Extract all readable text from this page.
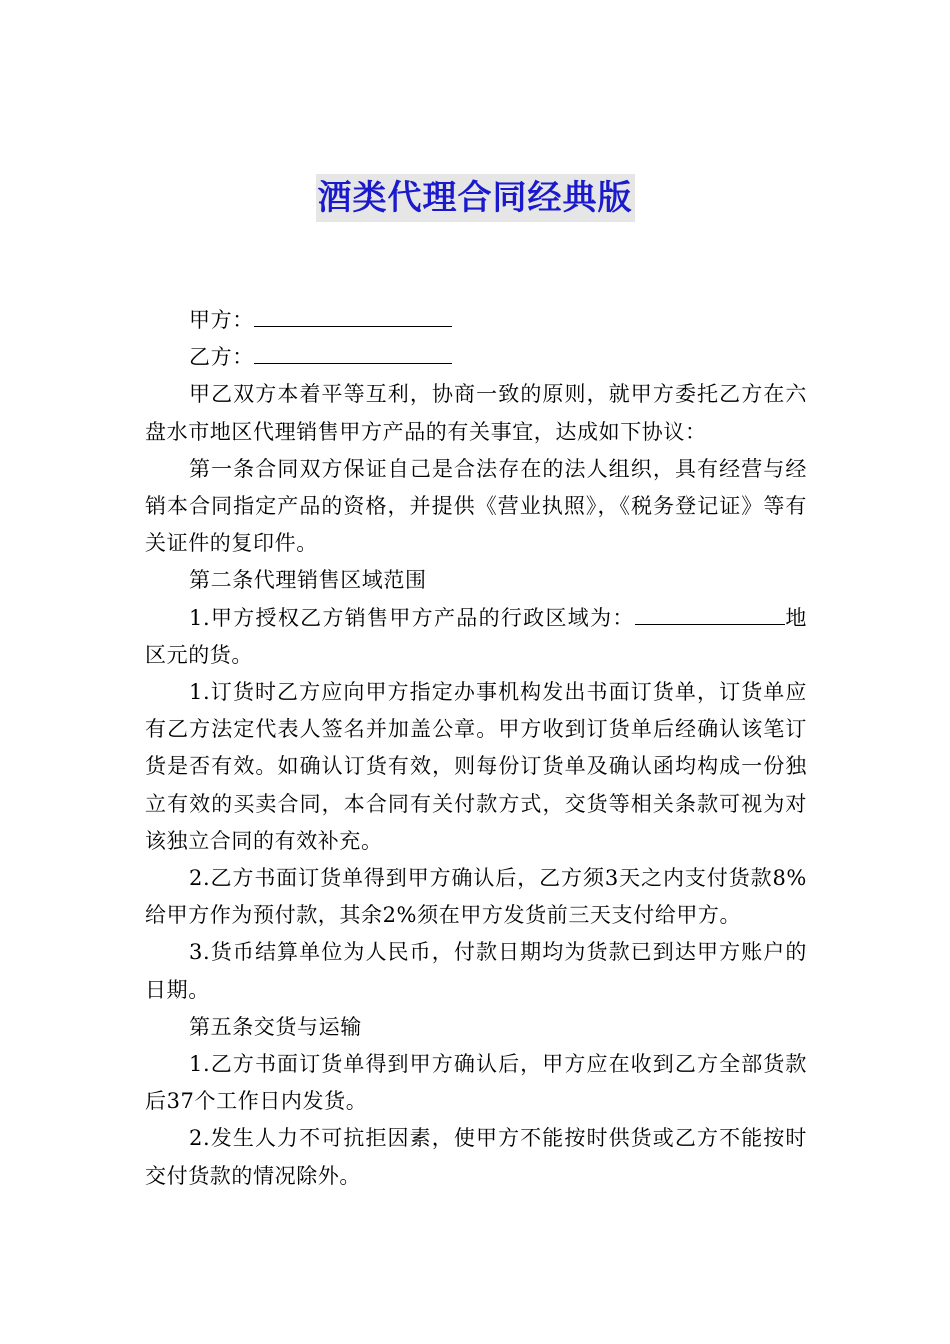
酒类代理合同经典版

甲方：

乙方：

甲乙双方本着平等互利，协商一致的原则，就甲方委托乙方在六盘水市地区代理销售甲方产品的有关事宜，达成如下协议：

第一条合同双方保证自己是合法存在的法人组织，具有经营与经销本合同指定产品的资格，并提供《营业执照》，《税务登记证》等有关证件的复印件。

第二条代理销售区域范围

1.甲方授权乙方销售甲方产品的行政区域为：	地区元的货。

1.订货时乙方应向甲方指定办事机构发出书面订货单，订货单应有乙方法定代表人签名并加盖公章。甲方收到订货单后经确认该笔订货是否有效。如确认订货有效，则每份订货单及确认函均构成一份独立有效的买卖合同，本合同有关付款方式，交货等相关条款可视为对该独立合同的有效补充。

2.乙方书面订货单得到甲方确认后，乙方须3天之内支付货款8%给甲方作为预付款，其余2%须在甲方发货前三天支付给甲方。

3.货币结算单位为人民币，付款日期均为货款已到达甲方账户的日期。

第五条交货与运输

1.乙方书面订货单得到甲方确认后，甲方应在收到乙方全部货款后37个工作日内发货。

2.发生人力不可抗拒因素，使甲方不能按时供货或乙方不能按时交付货款的情况除外。
